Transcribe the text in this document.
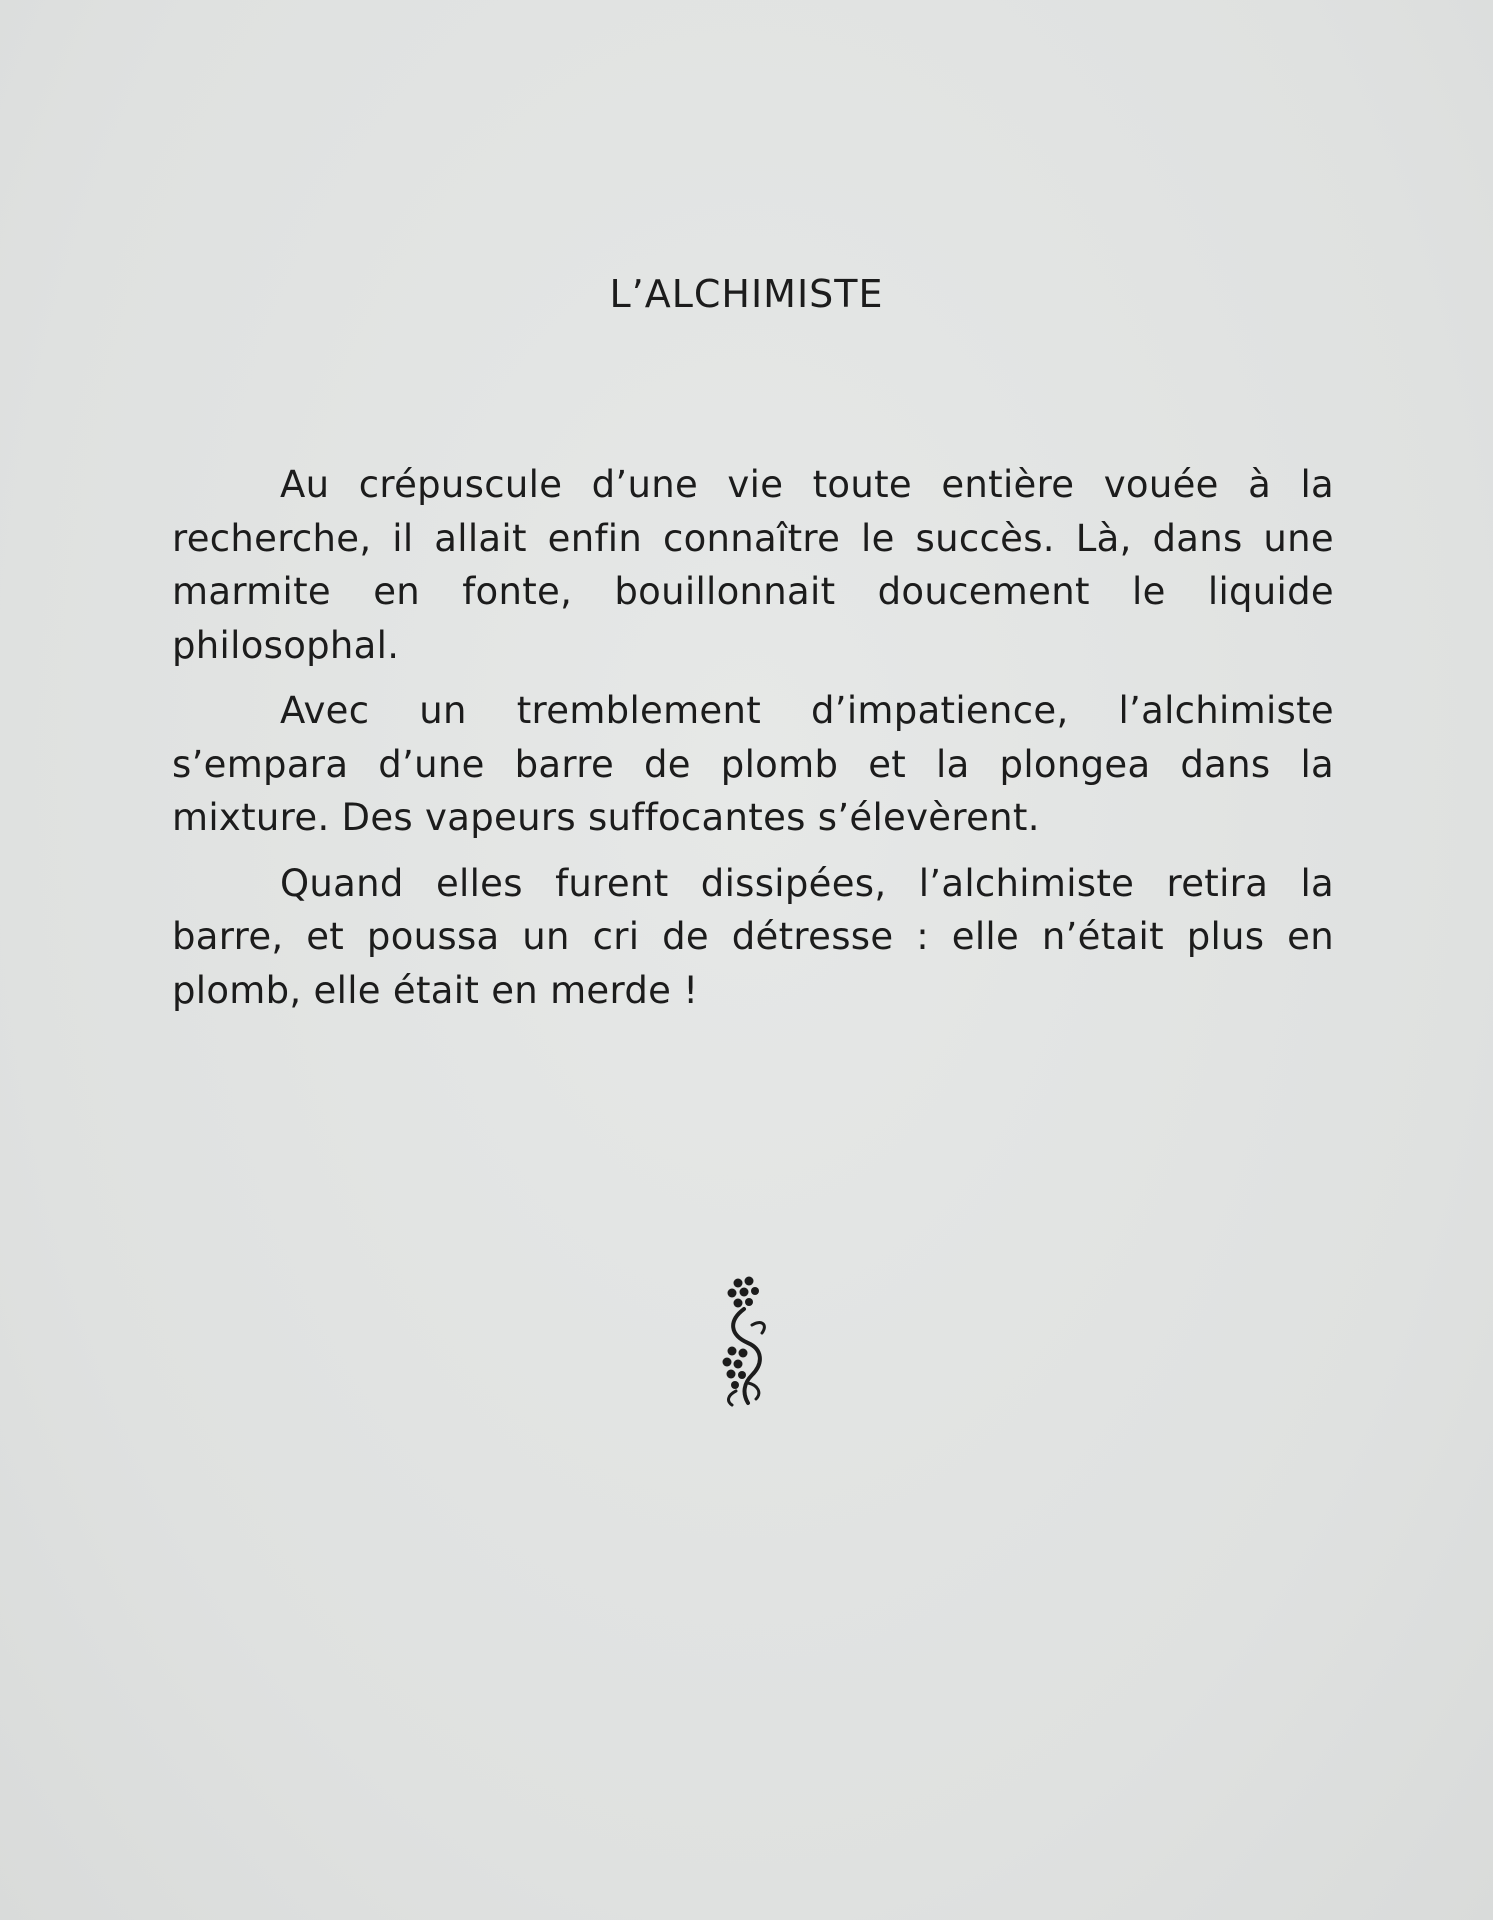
L’ALCHIMISTE

Au crépuscule d’une vie toute entière vouée à la recherche, il allait enfin connaître le succès. Là, dans une marmite en fonte, bouillonnait doucement le liquide philosophal.

Avec un tremblement d’impatience, l’alchimiste s’empara d’une barre de plomb et la plongea dans la mixture. Des vapeurs suffocantes s’élevèrent.

Quand elles furent dissipées, l’alchimiste retira la barre, et poussa un cri de détresse : elle n’était plus en plomb, elle était en merde !
